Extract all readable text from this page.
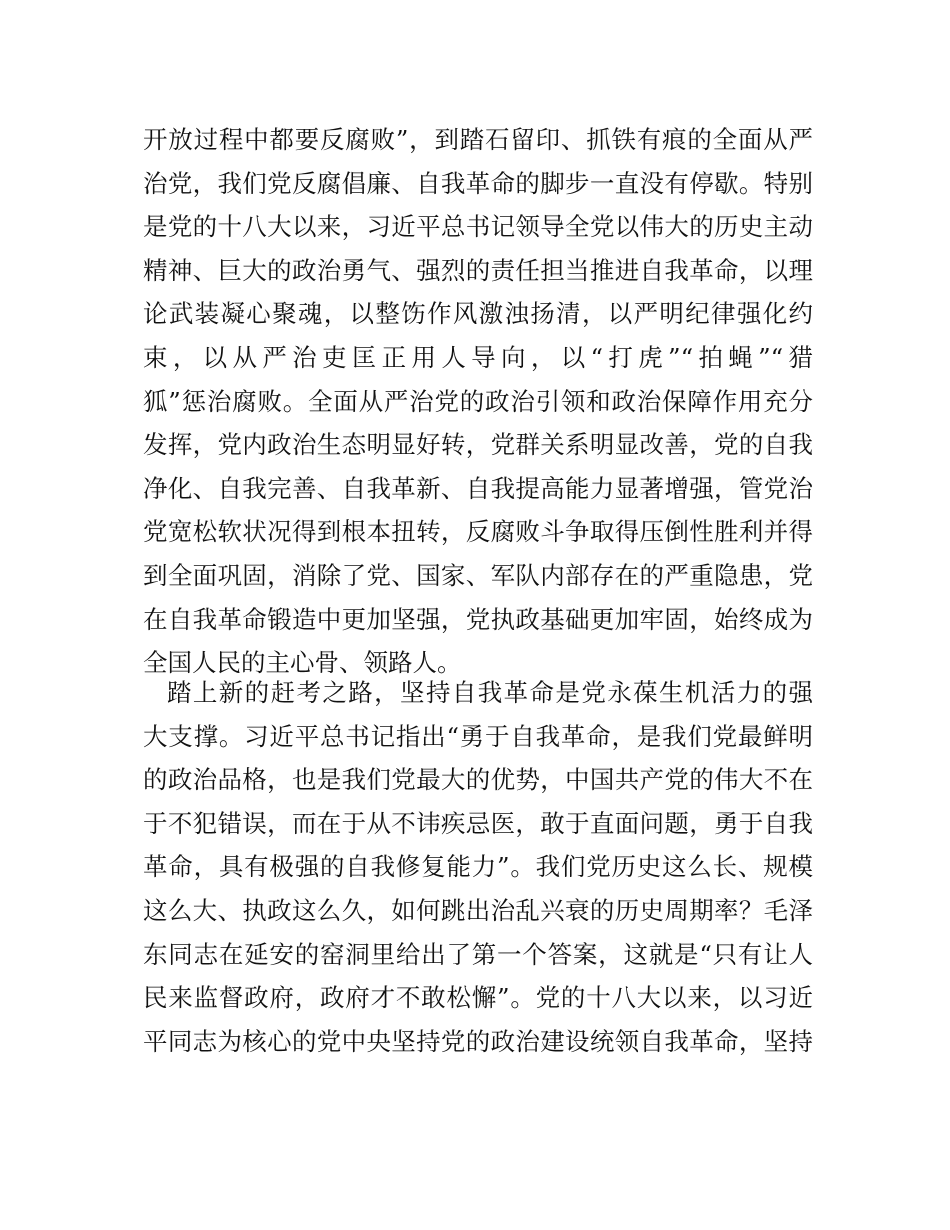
开放过程中都要反腐败”，到踏石留印、抓铁有痕的全面从严
治党，我们党反腐倡廉、自我革命的脚步一直没有停歇。特别
是党的十八大以来，习近平总书记领导全党以伟大的历史主动
精神、巨大的政治勇气、强烈的责任担当推进自我革命，以理
论武装凝心聚魂，以整饬作风激浊扬清，以严明纪律强化约
束，以从严治吏匡正用人导向，以“打虎”“拍蝇”“猎
狐”惩治腐败。全面从严治党的政治引领和政治保障作用充分
发挥，党内政治生态明显好转，党群关系明显改善，党的自我
净化、自我完善、自我革新、自我提高能力显著增强，管党治
党宽松软状况得到根本扭转，反腐败斗争取得压倒性胜利并得
到全面巩固，消除了党、国家、军队内部存在的严重隐患，党
在自我革命锻造中更加坚强，党执政基础更加牢固，始终成为
全国人民的主心骨、领路人。
踏上新的赶考之路，坚持自我革命是党永葆生机活力的强
大支撑。习近平总书记指出“勇于自我革命，是我们党最鲜明
的政治品格，也是我们党最大的优势，中国共产党的伟大不在
于不犯错误，而在于从不讳疾忌医，敢于直面问题，勇于自我
革命，具有极强的自我修复能力”。我们党历史这么长、规模
这么大、执政这么久，如何跳出治乱兴衰的历史周期率？毛泽
东同志在延安的窑洞里给出了第一个答案，这就是“只有让人
民来监督政府，政府才不敢松懈”。党的十八大以来，以习近
平同志为核心的党中央坚持党的政治建设统领自我革命，坚持
